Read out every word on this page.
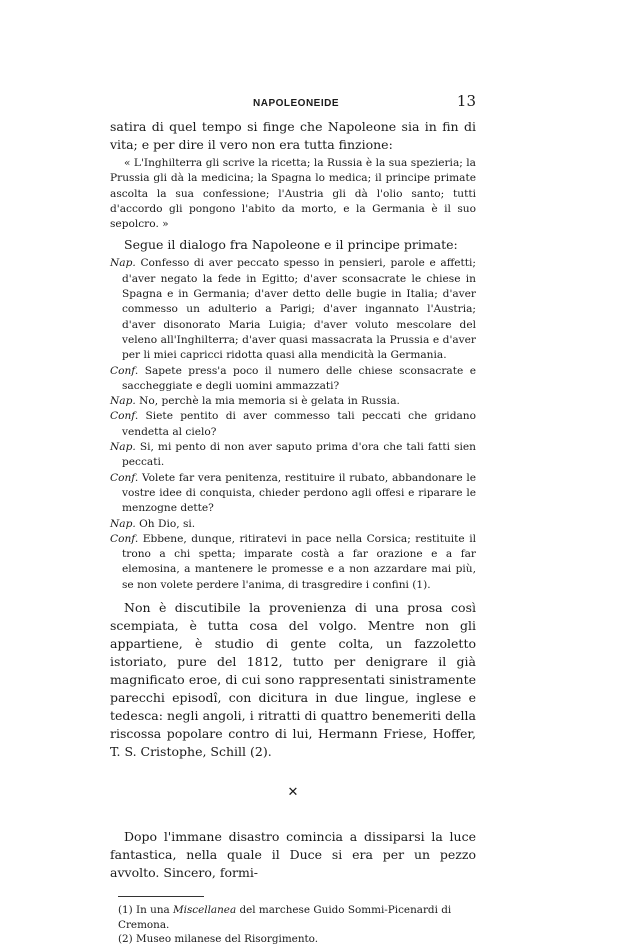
NAPOLEONEIDE	13

satira di quel tempo si finge che Napoleone sia in fin di vita; e per dire il vero non era tutta finzione:

« L'Inghilterra gli scrive la ricetta; la Russia è la sua spezieria; la Prussia gli dà la medicina; la Spagna lo medica; il principe primate ascolta la sua confessione; l'Austria gli dà l'olio santo; tutti d'accordo gli pongono l'abito da morto, e la Germania è il suo sepolcro. »

Segue il dialogo fra Napoleone e il principe primate:

Nap. Confesso di aver peccato spesso in pensieri, parole e affetti; d'aver negato la fede in Egitto; d'aver sconsacrate le chiese in Spagna e in Germania; d'aver detto delle bugie in Italia; d'aver commesso un adulterio a Parigi; d'aver ingannato l'Austria; d'aver disonorato Maria Luigia; d'aver voluto mescolare del veleno all'Inghilterra; d'aver quasi massacrata la Prussia e d'aver per li miei capricci ridotta quasi alla mendicità la Germania.

Conf. Sapete press'a poco il numero delle chiese sconsacrate e saccheggiate e degli uomini ammazzati?

Nap. No, perchè la mia memoria si è gelata in Russia.

Conf. Siete pentito di aver commesso tali peccati che gridano vendetta al cielo?

Nap. Si, mi pento di non aver saputo prima d'ora che tali fatti sien peccati.

Conf. Volete far vera penitenza, restituire il rubato, abbandonare le vostre idee di conquista, chieder perdono agli offesi e riparare le menzogne dette?

Nap. Oh Dio, si.

Conf. Ebbene, dunque, ritiratevi in pace nella Corsica; restituite il trono a chi spetta; imparate costà a far orazione e a far elemosina, a mantenere le promesse e a non azzardare mai più, se non volete perdere l'anima, di trasgredire i confini (1).

Non è discutibile la provenienza di una prosa così scempiata, è tutta cosa del volgo. Mentre non gli appartiene, è studio di gente colta, un fazzoletto istoriato, pure del 1812, tutto per denigrare il già magnificato eroe, di cui sono rappresentati sinistramente parecchi episodî, con dicitura in due lingue, inglese e tedesca: negli angoli, i ritratti di quattro benemeriti della riscossa popolare contro di lui, Hermann Friese, Hoffer, T. S. Cristophe, Schill (2).

✕

Dopo l'immane disastro comincia a dissiparsi la luce fantastica, nella quale il Duce si era per un pezzo avvolto. Sincero, formi-

(1) In una Miscellanea del marchese Guido Sommi-Picenardi di Cremona.

(2) Museo milanese del Risorgimento.
